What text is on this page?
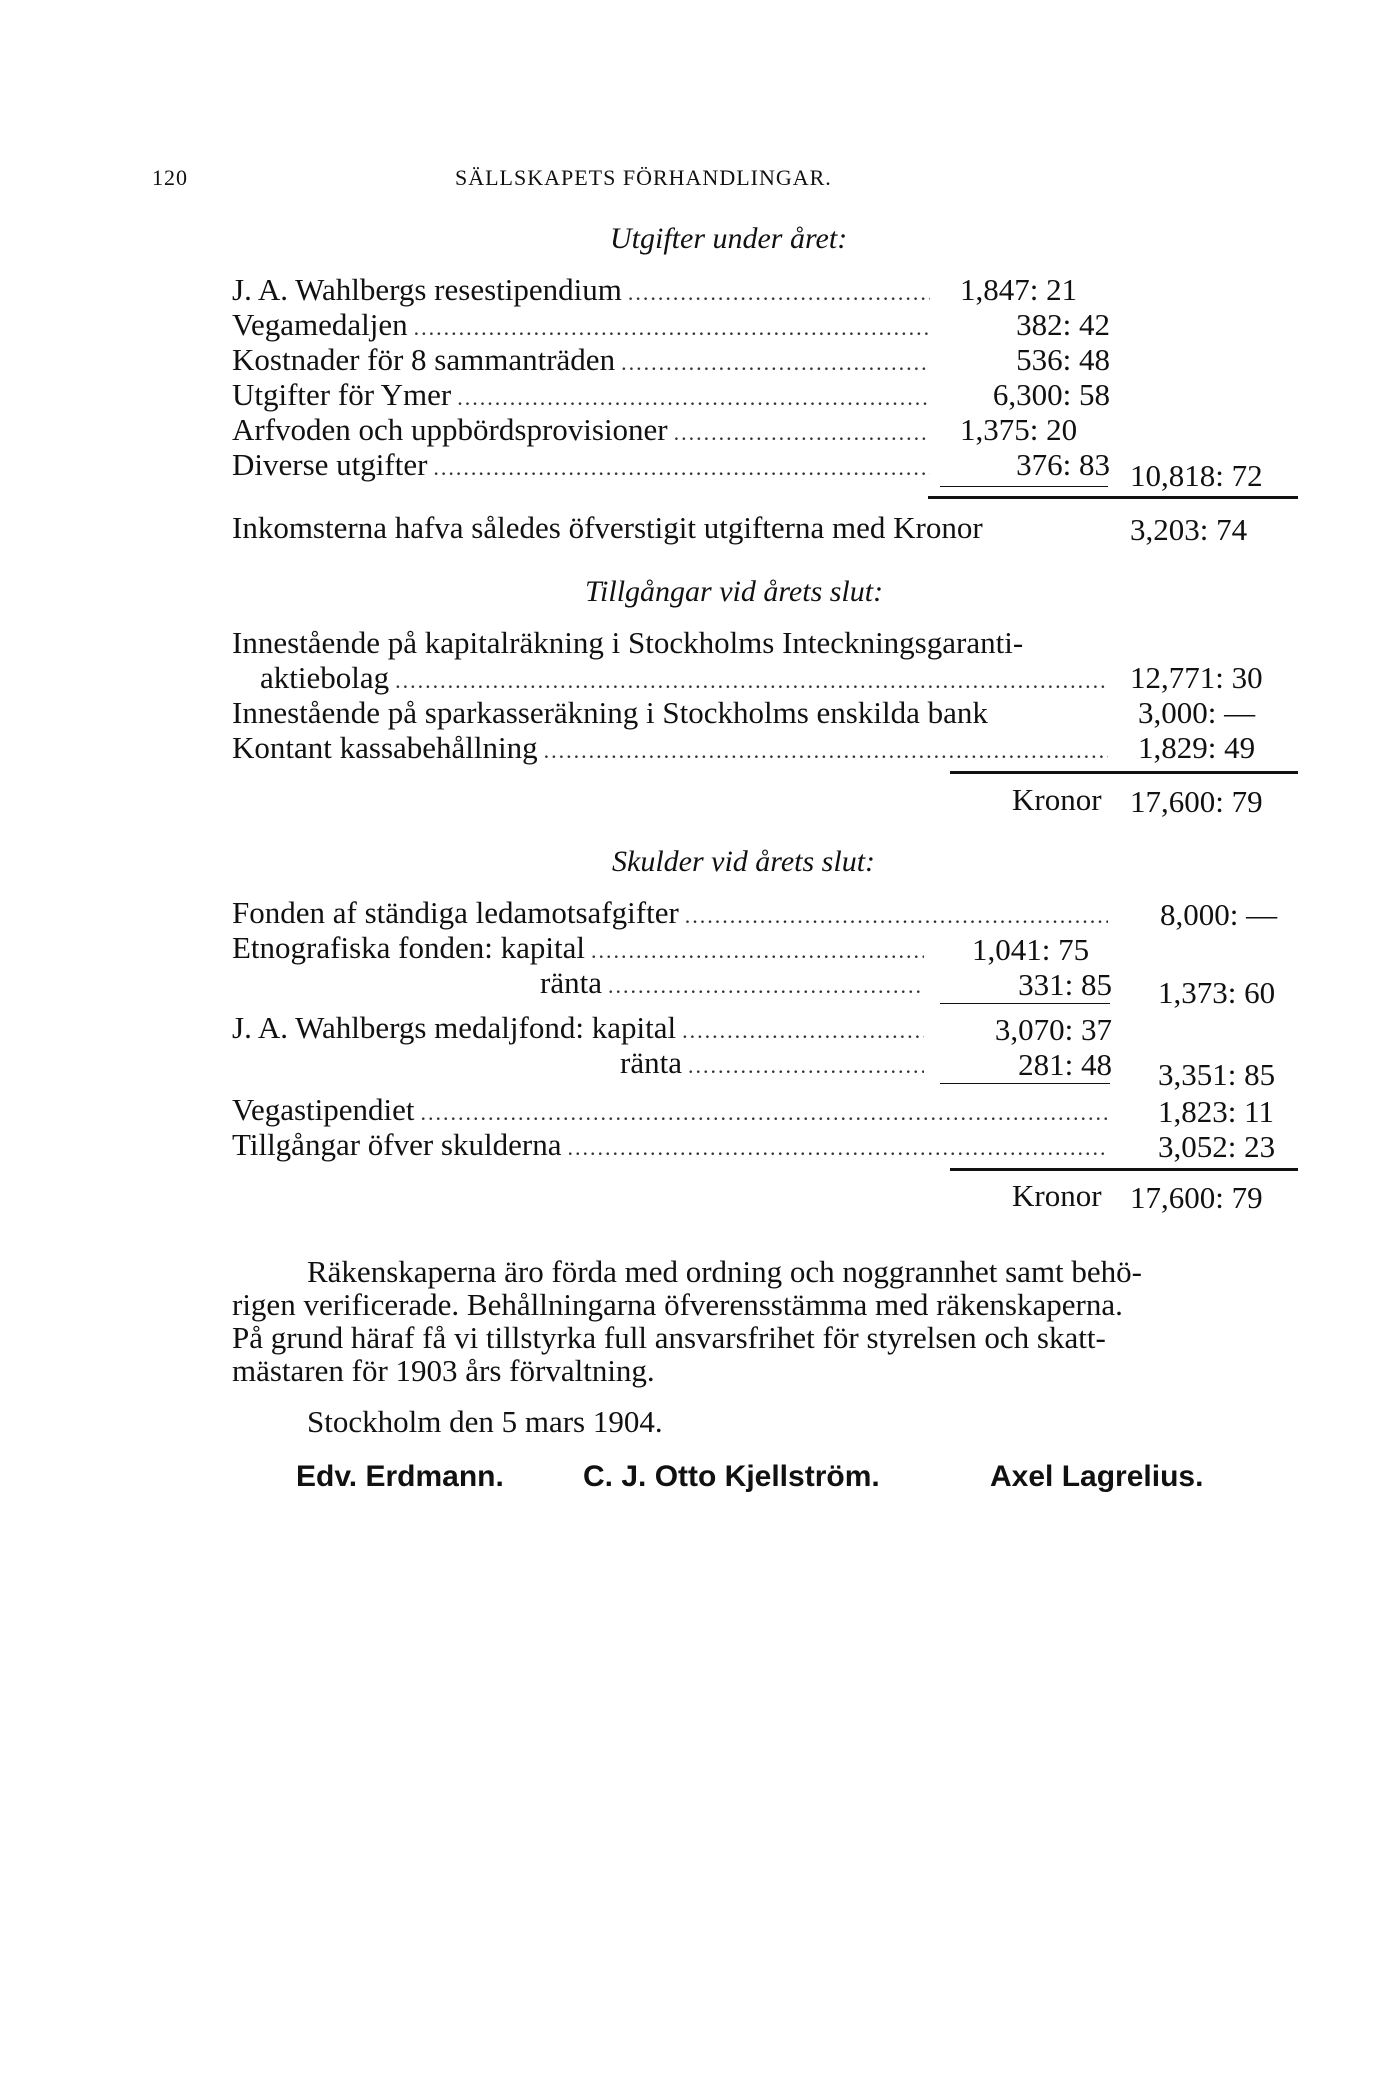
120	SÄLLSKAPETS FÖRHANDLINGAR.
Utgifter under året:
J. A. Wahlbergs resestipendium .....	1,847: 21
Vegamedaljen .....	382: 42
Kostnader för 8 sammanträden .....	536: 48
Utgifter för Ymer .....	6,300: 58
Arfvoden och uppbördsprovisioner .....	1,375: 20
Diverse utgifter .....	376: 83 10,818: 72
Inkomsterna hafva således öfverstigit utgifterna med Kronor	3,203: 74
Tillgångar vid årets slut:
Innestående på kapitalräkning i Stockholms Inteckningsgaranti-
aktiebolag .....	12,771: 30
Innestående på sparkasseräkning i Stockholms enskilda bank	3,000: —
Kontant kassabehållning .....	1,829: 49
Kronor 17,600: 79
Skulder vid årets slut:
Fonden af ständiga ledamotsafgifter .....	8,000: —
Etnografiska fonden: kapital .....	1,041: 75
ränta .....	331: 85 1,373: 60
J. A. Wahlbergs medaljfond: kapital .....	3,070: 37
ränta .....	281: 48 3,351: 85
Vegastipendiet .....	1,823: 11
Tillgångar öfver skulderna .....	3,052: 23
Kronor 17,600: 79
Räkenskaperna äro förda med ordning och noggrannhet samt behö-
rigen verificerade. Behållningarna öfverensstämma med räkenskaperna.
På grund häraf få vi tillstyrka full ansvarsfrihet för styrelsen och skatt-
mästaren för 1903 års förvaltning.
Stockholm den 5 mars 1904.
Edv. Erdmann.	C. J. Otto Kjellström.	Axel Lagrelius.
